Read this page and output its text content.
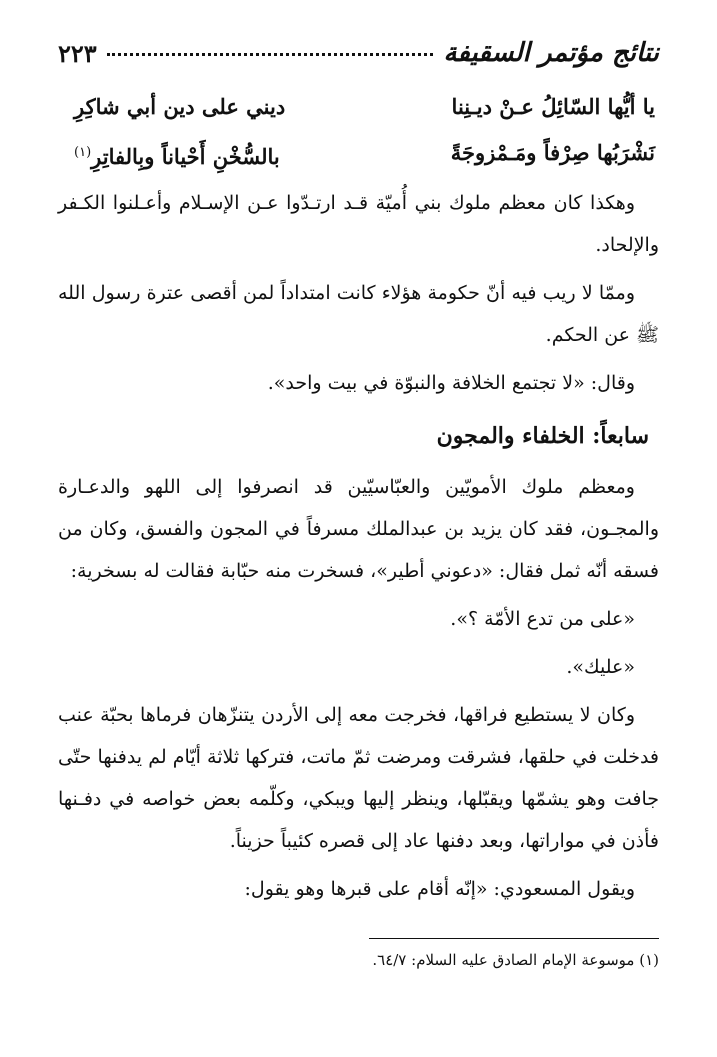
نتائج مؤتمر السقيفة
٢٢٣
يا أيُّها السّائِلُ عـنْ ديـنِنا
ديني على دين أبي شاكِرِ
نَشْرَبُها صِرْفاً ومَـمْزوجَةً
بالسُّخْنِ أَحْياناً وبِالفاتِرِ$^{(١)}$

وهكذا كان معظم ملوك بني أُميّة قـد ارتـدّوا عـن الإسـلام وأعـلنوا الكـفر والإلحاد.

وممّا لا ريب فيه أنّ حكومة هؤلاء كانت امتداداً لمن أقصى عترة رسول الله ﷺ عن الحكم.

وقال: «لا تجتمع الخلافة والنبوّة في بيت واحد».

سابعاً: الخلفاء والمجون

ومعظم ملوك الأمويّين والعبّاسيّين قد انصرفوا إلى اللهو والدعـارة والمجـون، فقد كان يزيد بن عبدالملك مسرفاً في المجون والفسق، وكان من فسقه أنّه ثمل فقال: «دعوني أطير»، فسخرت منه حبّابة فقالت له بسخرية:

«على من تدع الأمّة ؟».

«عليك».

وكان لا يستطيع فراقها، فخرجت معه إلى الأردن يتنزّهان فرماها بحبّة عنب فدخلت في حلقها، فشرقت ومرضت ثمّ ماتت، فتركها ثلاثة أيّام لم يدفنها حتّى جافت وهو يشمّها ويقبّلها، وينظر إليها ويبكي، وكلّمه بعض خواصه في دفـنها فأذن في مواراتها، وبعد دفنها عاد إلى قصره كئيباً حزيناً.

ويقول المسعودي: «إنّه أقام على قبرها وهو يقول:

(١) موسوعة الإمام الصادق عليه السلام: ٦٤/٧.
